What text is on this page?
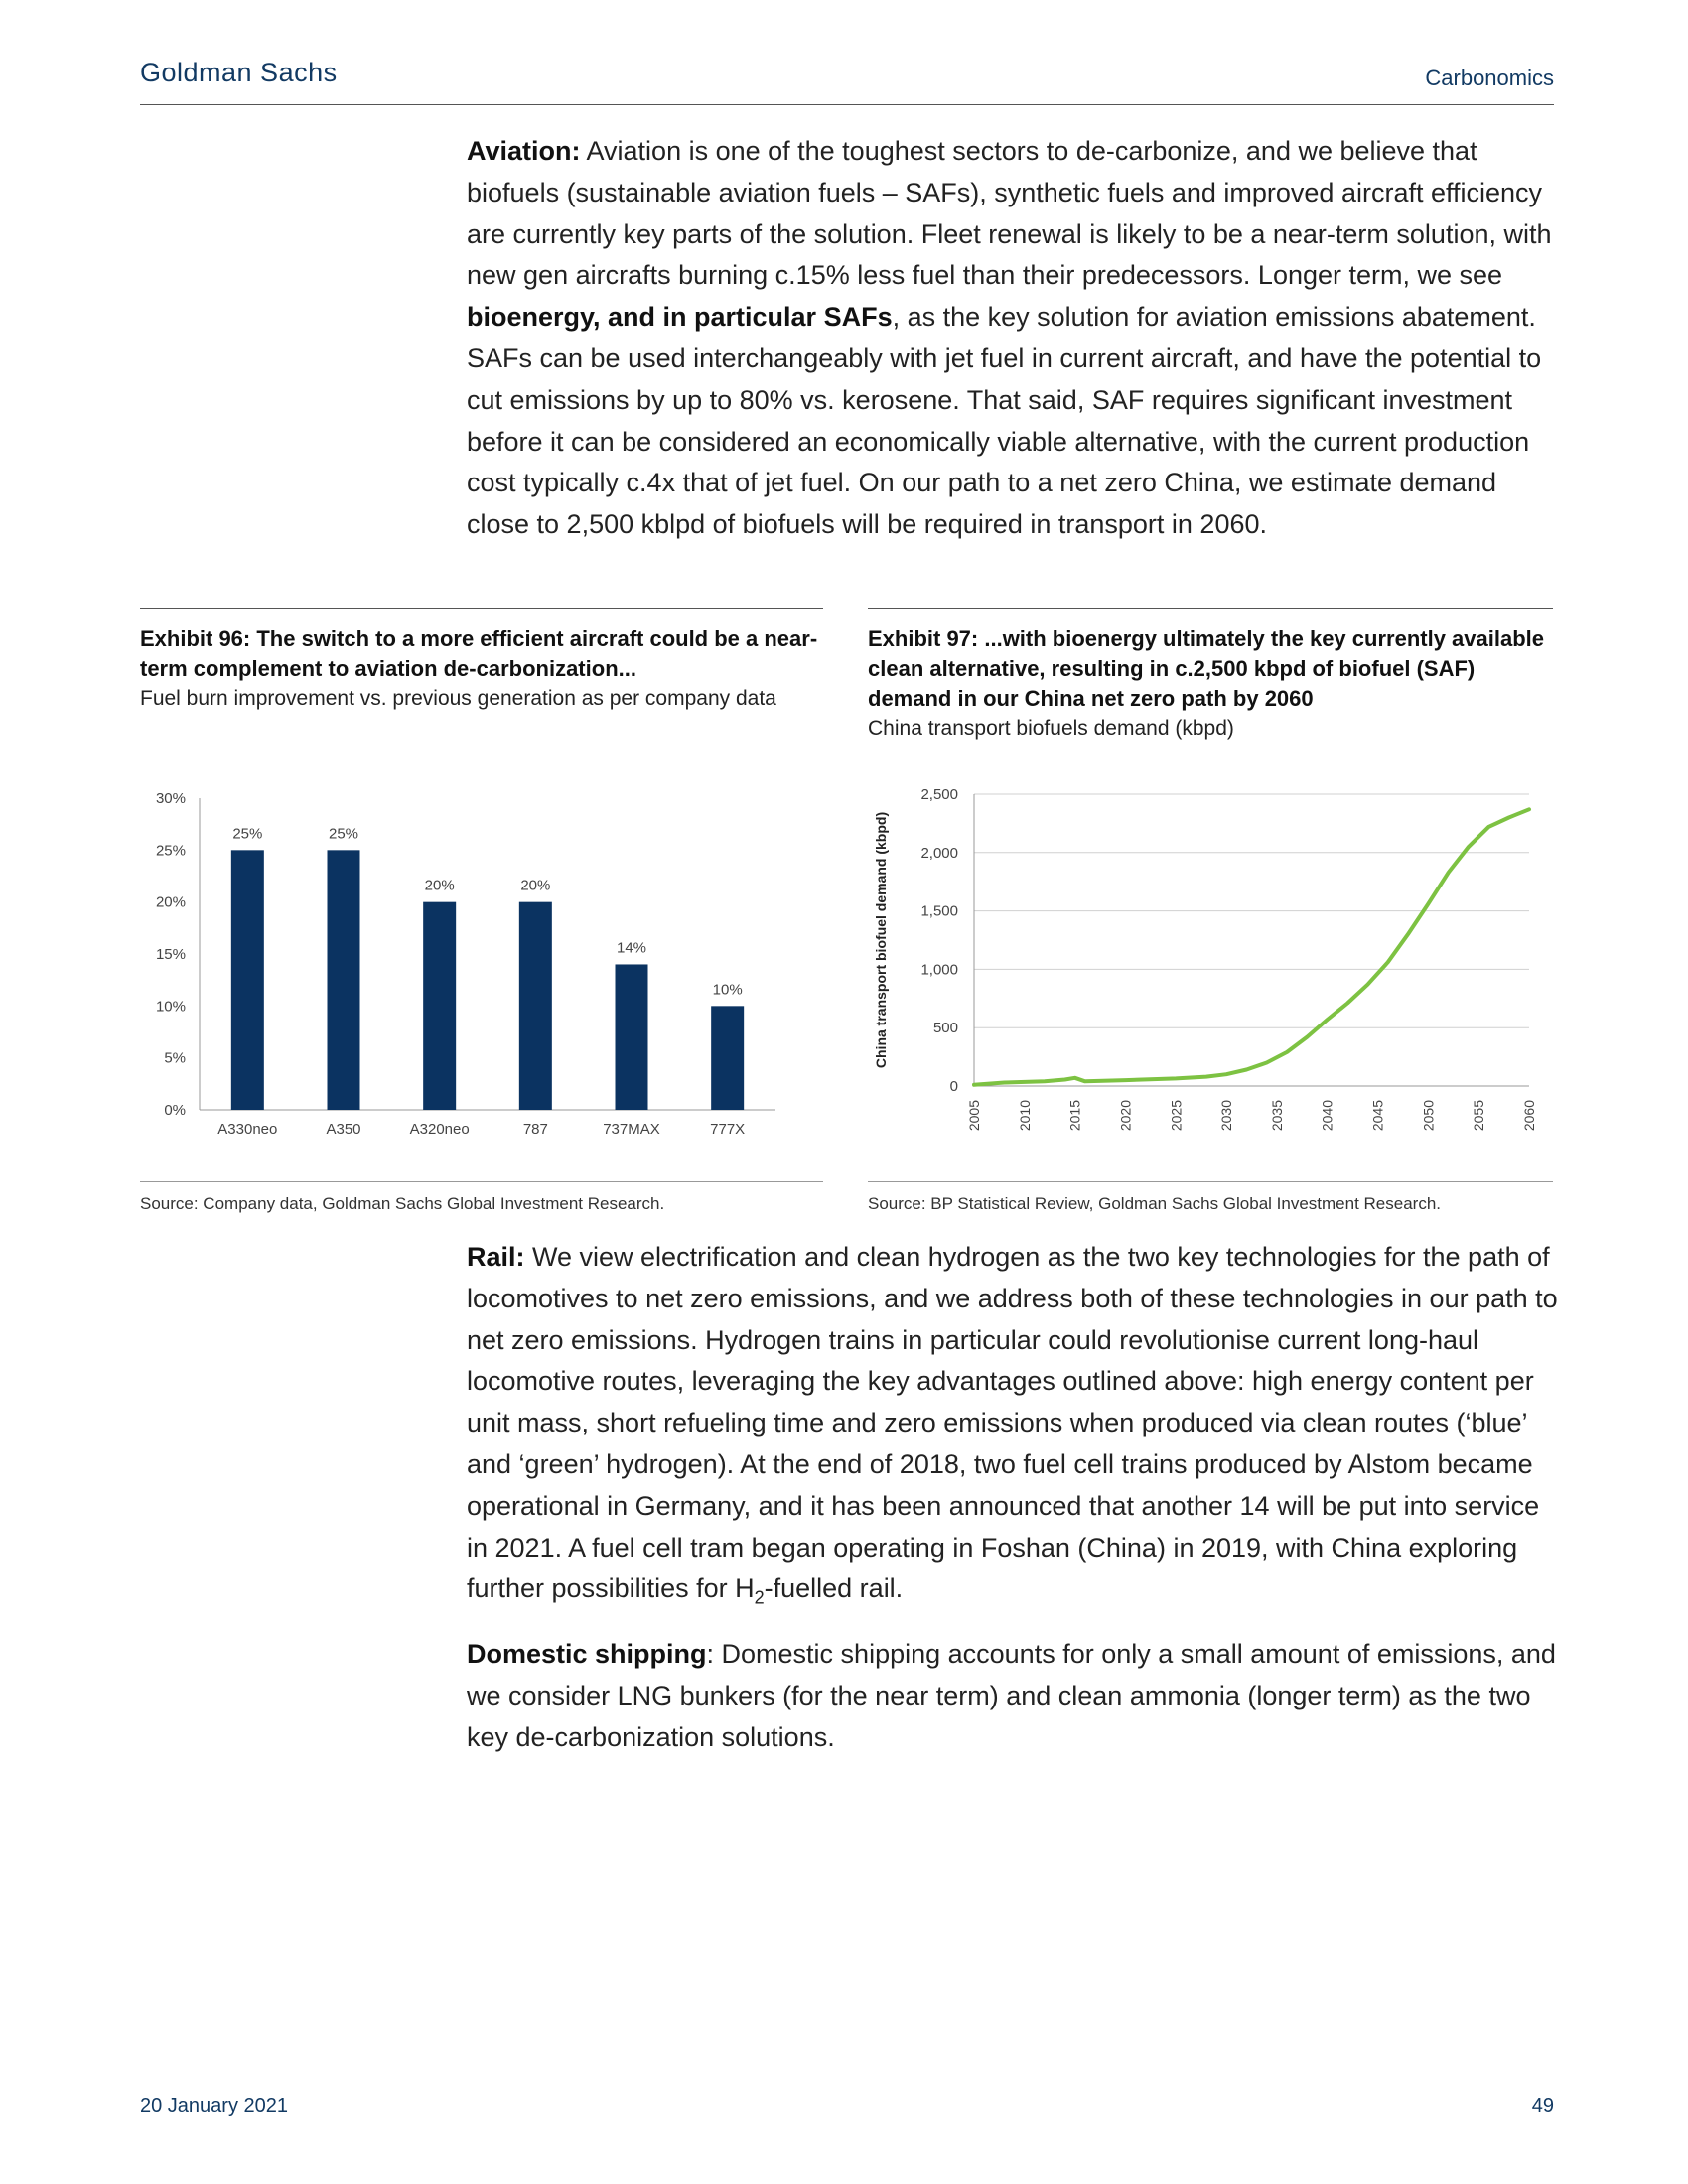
Goldman Sachs	Carbonomics

Aviation: Aviation is one of the toughest sectors to de-carbonize, and we believe that biofuels (sustainable aviation fuels – SAFs), synthetic fuels and improved aircraft efficiency are currently key parts of the solution. Fleet renewal is likely to be a near-term solution, with new gen aircrafts burning c.15% less fuel than their predecessors. Longer term, we see bioenergy, and in particular SAFs, as the key solution for aviation emissions abatement. SAFs can be used interchangeably with jet fuel in current aircraft, and have the potential to cut emissions by up to 80% vs. kerosene. That said, SAF requires significant investment before it can be considered an economically viable alternative, with the current production cost typically c.4x that of jet fuel. On our path to a net zero China, we estimate demand close to 2,500 kblpd of biofuels will be required in transport in 2060.

Exhibit 96: The switch to a more efficient aircraft could be a near-term complement to aviation de-carbonization...
Fuel burn improvement vs. previous generation as per company data
0%
5%
10%
15%
20%
25%
30%
25%
A330neo
25%
A350
20%
A320neo
20%
787
14%
737MAX
10%
777X
Source: Company data, Goldman Sachs Global Investment Research.
Exhibit 97: ...with bioenergy ultimately the key currently available clean alternative, resulting in c.2,500 kbpd of biofuel (SAF) demand in our China net zero path by 2060
China transport biofuels demand (kbpd)
0
500
1,000
1,500
2,000
2,500
2005 2010 2015 2020 2025 2030 2035 2040 2045 2050 2055 2060
China transport biofuel demand (kbpd)
Source: BP Statistical Review, Goldman Sachs Global Investment Research.

Rail: We view electrification and clean hydrogen as the two key technologies for the path of locomotives to net zero emissions, and we address both of these technologies in our path to net zero emissions. Hydrogen trains in particular could revolutionise current long-haul locomotive routes, leveraging the key advantages outlined above: high energy content per unit mass, short refueling time and zero emissions when produced via clean routes (‘blue’ and ‘green’ hydrogen). At the end of 2018, two fuel cell trains produced by Alstom became operational in Germany, and it has been announced that another 14 will be put into service in 2021. A fuel cell tram began operating in Foshan (China) in 2019, with China exploring further possibilities for $H_2$-fuelled rail.

Domestic shipping: Domestic shipping accounts for only a small amount of emissions, and we consider LNG bunkers (for the near term) and clean ammonia (longer term) as the two key de-carbonization solutions.

20 January 2021	49
